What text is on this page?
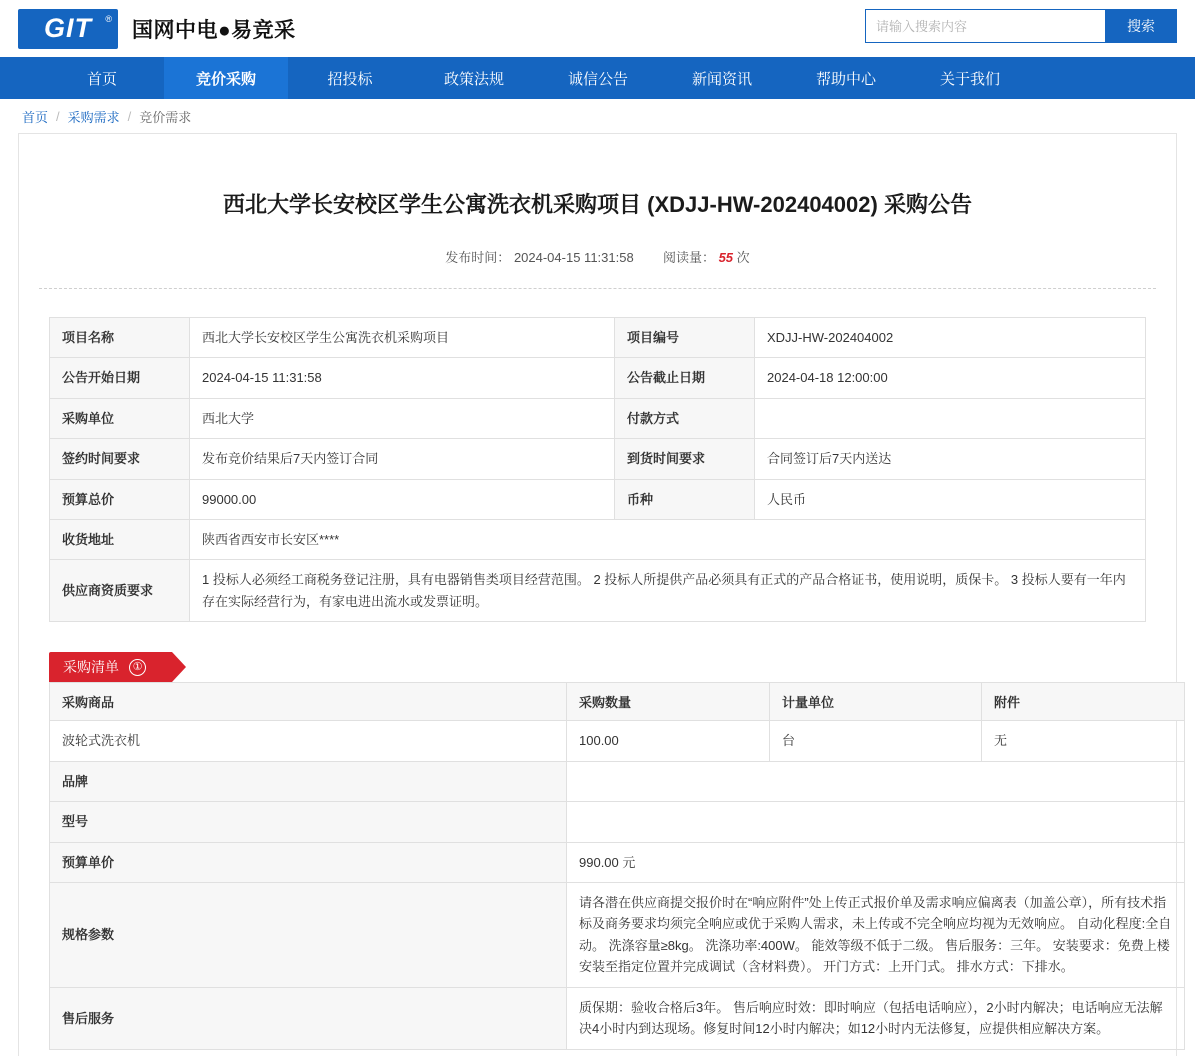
GIT ® 国网中电●易竞采
请输入搜索内容	搜索
首页	竞价采购	招投标	政策法规	诚信公告	新闻资讯	帮助中心	关于我们
首页 / 采购需求 / 竞价需求
西北大学长安校区学生公寓洗衣机采购项目 (XDJJ-HW-202404002) 采购公告
发布时间： 2024-04-15 11:31:58 阅读量： 55 次
项目名称	西北大学长安校区学生公寓洗衣机采购项目	项目编号	XDJJ-HW-202404002
公告开始日期	2024-04-15 11:31:58	公告截止日期	2024-04-18 12:00:00
采购单位	西北大学	付款方式	
签约时间要求	发布竞价结果后7天内签订合同	到货时间要求	合同签订后7天内送达
预算总价	99000.00	币种	人民币
收货地址	陕西省西安市长安区****		
供应商资质要求	1 投标人必须经工商税务登记注册，具有电器销售类项目经营范围。 2 投标人所提供产品必须具有正式的产品合格证书，使用说明，质保卡。 3 投标人要有一年内存在实际经营行为，有家电进出流水或发票证明。		
采购清单	①
采购商品	采购数量	计量单位	附件
波轮式洗衣机	100.00	台	无
品牌			
型号			
预算单价	990.00 元		
规格参数	请各潜在供应商提交报价时在“响应附件”处上传正式报价单及需求响应偏离表（加盖公章），所有技术指标及商务要求均须完全响应或优于采购人需求，未上传或不完全响应均视为无效响应。 自动化程度:全自动。 洗涤容量≥8kg。 洗涤功率:400W。 能效等级不低于二级。 售后服务：三年。 安装要求：免费上楼安装至指定位置并完成调试（含材料费）。 开门方式：上开门式。 排水方式：下排水。		
售后服务	质保期：验收合格后3年。 售后响应时效：即时响应（包括电话响应），2小时内解决；电话响应无法解决4小时内到达现场。修复时间12小时内解决；如12小时内无法修复，应提供相应解决方案。		
